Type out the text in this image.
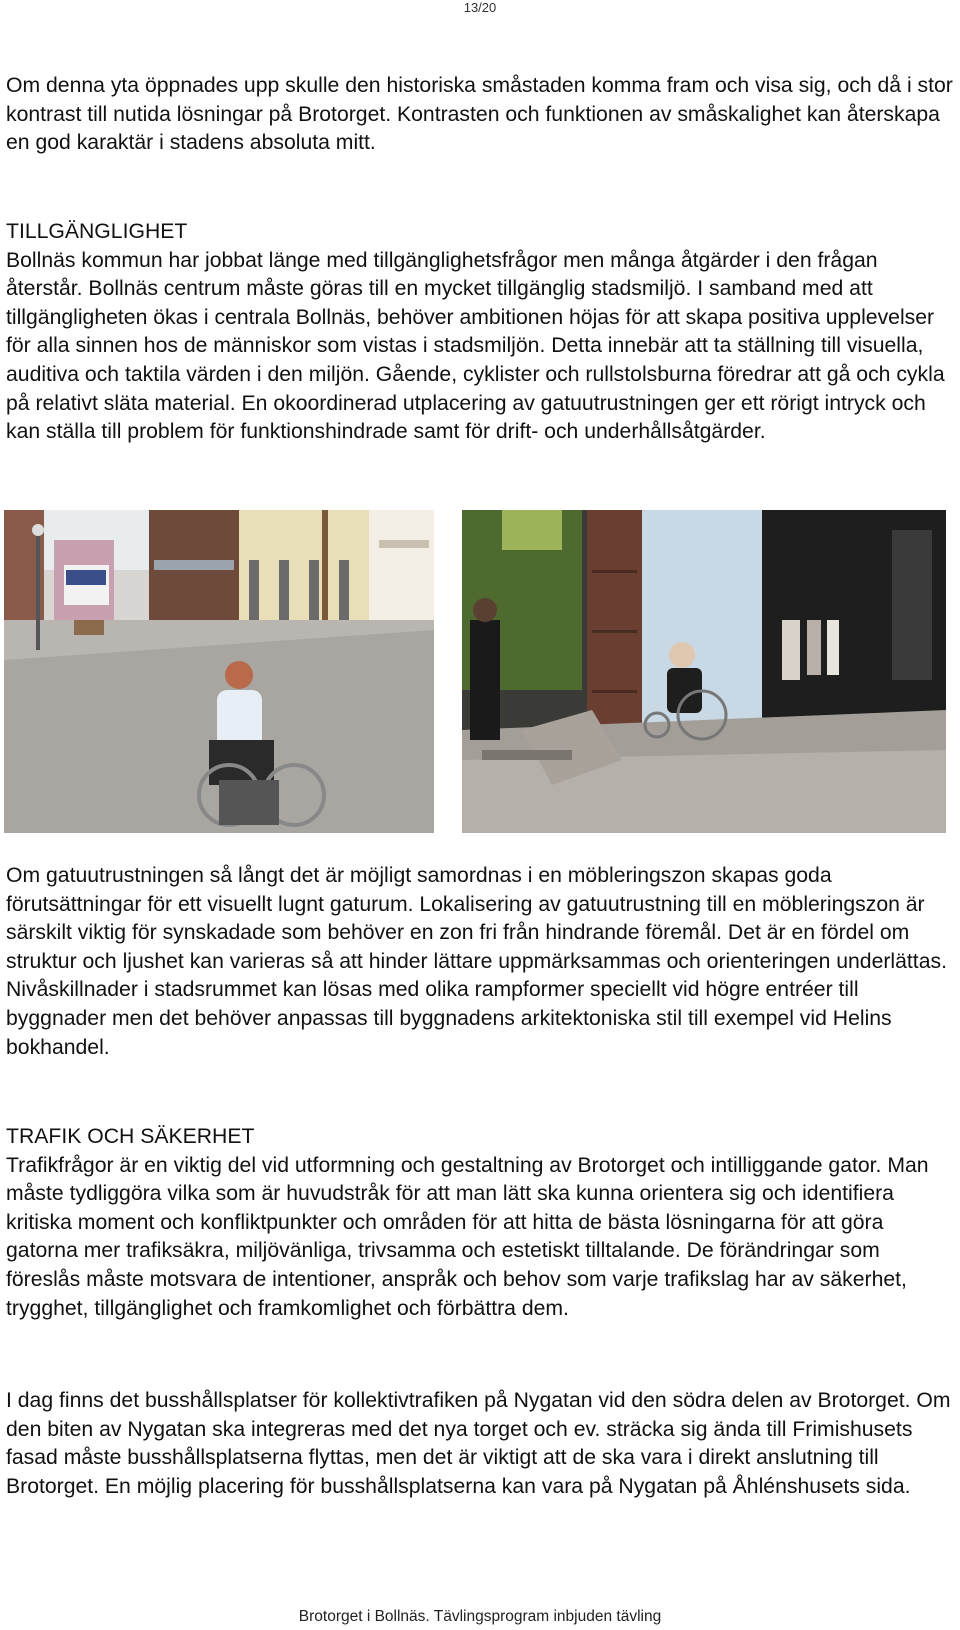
13/20

Om denna yta öppnades upp skulle den historiska småstaden komma fram och visa sig, och då i stor kontrast till nutida lösningar på Brotorget. Kontrasten och funktionen av småskalighet kan återskapa en god karaktär i stadens absoluta mitt.

TILLGÄNGLIGHET

Bollnäs kommun har jobbat länge med tillgänglighetsfrågor men många åtgärder i den frågan återstår. Bollnäs centrum måste göras till en mycket tillgänglig stadsmiljö. I samband med att tillgängligheten ökas i centrala Bollnäs, behöver ambitionen höjas för att skapa positiva upplevelser för alla sinnen hos de människor som vistas i stadsmiljön. Detta innebär att ta ställning till visuella, auditiva och taktila värden i den miljön. Gående, cyklister och rullstolsburna föredrar att gå och cykla på relativt släta material. En okoordinerad utplacering av gatuutrustningen ger ett rörigt intryck och kan ställa till problem för funktionshindrade samt för drift- och underhållsåtgärder.

Om gatuutrustningen så långt det är möjligt samordnas i en möbleringszon skapas goda förutsättningar för ett visuellt lugnt gaturum. Lokalisering av gatuutrustning till en möbleringszon är särskilt viktig för synskadade som behöver en zon fri från hindrande föremål. Det är en fördel om struktur och ljushet kan varieras så att hinder lättare uppmärksammas och orienteringen underlättas. Nivåskillnader i stadsrummet kan lösas med olika rampformer speciellt vid högre entréer till byggnader men det behöver anpassas till byggnadens arkitektoniska stil till exempel vid Helins bokhandel.

TRAFIK OCH SÄKERHET

Trafikfrågor är en viktig del vid utformning och gestaltning av Brotorget och intilliggande gator. Man måste tydliggöra vilka som är huvudstråk för att man lätt ska kunna orientera sig och identifiera kritiska moment och konfliktpunkter och områden för att hitta de bästa lösningarna för att göra gatorna mer trafiksäkra, miljövänliga, trivsamma och estetiskt tilltalande. De förändringar som föreslås måste motsvara de intentioner, anspråk och behov som varje trafikslag har av säkerhet, trygghet, tillgänglighet och framkomlighet och förbättra dem.

I dag finns det busshållsplatser för kollektivtrafiken på Nygatan vid den södra delen av Brotorget. Om den biten av Nygatan ska integreras med det nya torget och ev. sträcka sig ända till Frimishusets fasad måste busshållsplatserna flyttas, men det är viktigt att de ska vara i direkt anslutning till Brotorget. En möjlig placering för busshållsplatserna kan vara på Nygatan på Åhlénshusets sida.

Brotorget i Bollnäs. Tävlingsprogram inbjuden tävling
